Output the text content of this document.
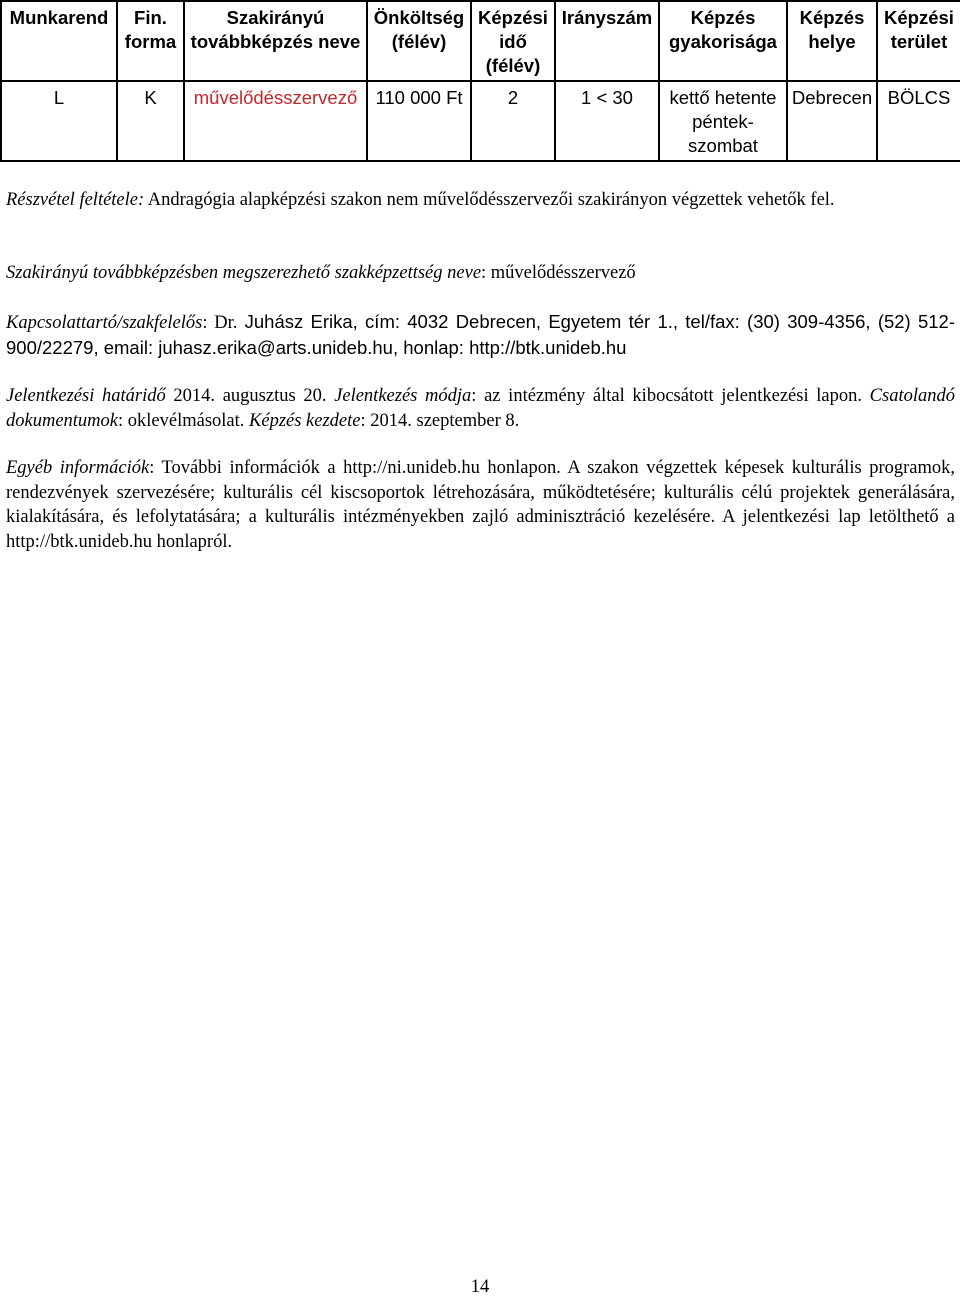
Munkarend	Fin. forma	Szakirányú továbbképzés neve	Önköltség (félév)	Képzési idő (félév)	Irányszám	Képzés gyakorisága	Képzés helye	Képzési terület
L	K	művelődésszervező	110 000 Ft	2	1 < 30	kettő hetente péntek-szombat	Debrecen	BÖLCS
Részvétel feltétele: Andragógia alapképzési szakon nem művelődésszervezői szakirányon végzettek vehetők fel.
Szakirányú továbbképzésben megszerezhető szakképzettség neve: művelődésszervező
Kapcsolattartó/szakfelelős: Dr. Juhász Erika, cím: 4032 Debrecen, Egyetem tér 1., tel/fax: (30) 309-4356, (52) 512-900/22279, email: juhasz.erika@arts.unideb.hu, honlap: http://btk.unideb.hu
Jelentkezési határidő 2014. augusztus 20. Jelentkezés módja: az intézmény által kibocsátott jelentkezési lapon. Csatolandó dokumentumok: oklevélmásolat. Képzés kezdete: 2014. szeptember 8.
Egyéb információk: További információk a http://ni.unideb.hu honlapon. A szakon végzettek képesek kulturális programok, rendezvények szervezésére; kulturális cél kiscsoportok létrehozására, működtetésére; kulturális célú projektek generálására, kialakítására, és lefolytatására; a kulturális intézményekben zajló adminisztráció kezelésére. A jelentkezési lap letölthető a http://btk.unideb.hu honlapról.
14
